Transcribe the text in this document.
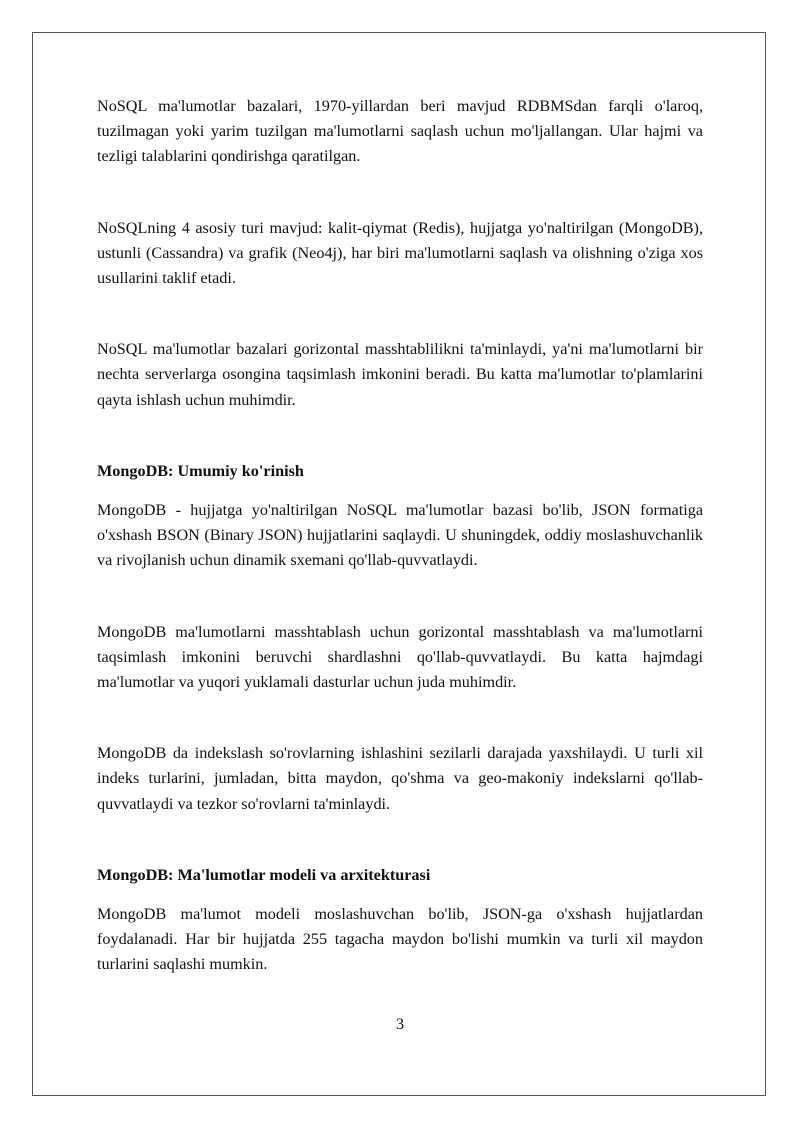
NoSQL ma'lumotlar bazalari, 1970-yillardan beri mavjud RDBMSdan farqli o'laroq, tuzilmagan yoki yarim tuzilgan ma'lumotlarni saqlash uchun mo'ljallangan. Ular hajmi va tezligi talablarini qondirishga qaratilgan.

NoSQLning 4 asosiy turi mavjud: kalit-qiymat (Redis), hujjatga yo'naltirilgan (MongoDB), ustunli (Cassandra) va grafik (Neo4j), har biri ma'lumotlarni saqlash va olishning o'ziga xos usullarini taklif etadi.

NoSQL ma'lumotlar bazalari gorizontal masshtablilikni ta'minlaydi, ya'ni ma'lumotlarni bir nechta serverlarga osongina taqsimlash imkonini beradi. Bu katta ma'lumotlar to'plamlarini qayta ishlash uchun muhimdir.

MongoDB: Umumiy ko'rinish

MongoDB - hujjatga yo'naltirilgan NoSQL ma'lumotlar bazasi bo'lib, JSON formatiga o'xshash BSON (Binary JSON) hujjatlarini saqlaydi. U shuningdek, oddiy moslashuvchanlik va rivojlanish uchun dinamik sxemani qo'llab-quvvatlaydi.

MongoDB ma'lumotlarni masshtablash uchun gorizontal masshtablash va ma'lumotlarni taqsimlash imkonini beruvchi shardlashni qo'llab-quvvatlaydi. Bu katta hajmdagi ma'lumotlar va yuqori yuklamali dasturlar uchun juda muhimdir.

MongoDB da indekslash so'rovlarning ishlashini sezilarli darajada yaxshilaydi. U turli xil indeks turlarini, jumladan, bitta maydon, qo'shma va geo-makoniy indekslarni qo'llab-quvvatlaydi va tezkor so'rovlarni ta'minlaydi.

MongoDB: Ma'lumotlar modeli va arxitekturasi

MongoDB ma'lumot modeli moslashuvchan bo'lib, JSON-ga o'xshash hujjatlardan foydalanadi. Har bir hujjatda 255 tagacha maydon bo'lishi mumkin va turli xil maydon turlarini saqlashi mumkin.

3
